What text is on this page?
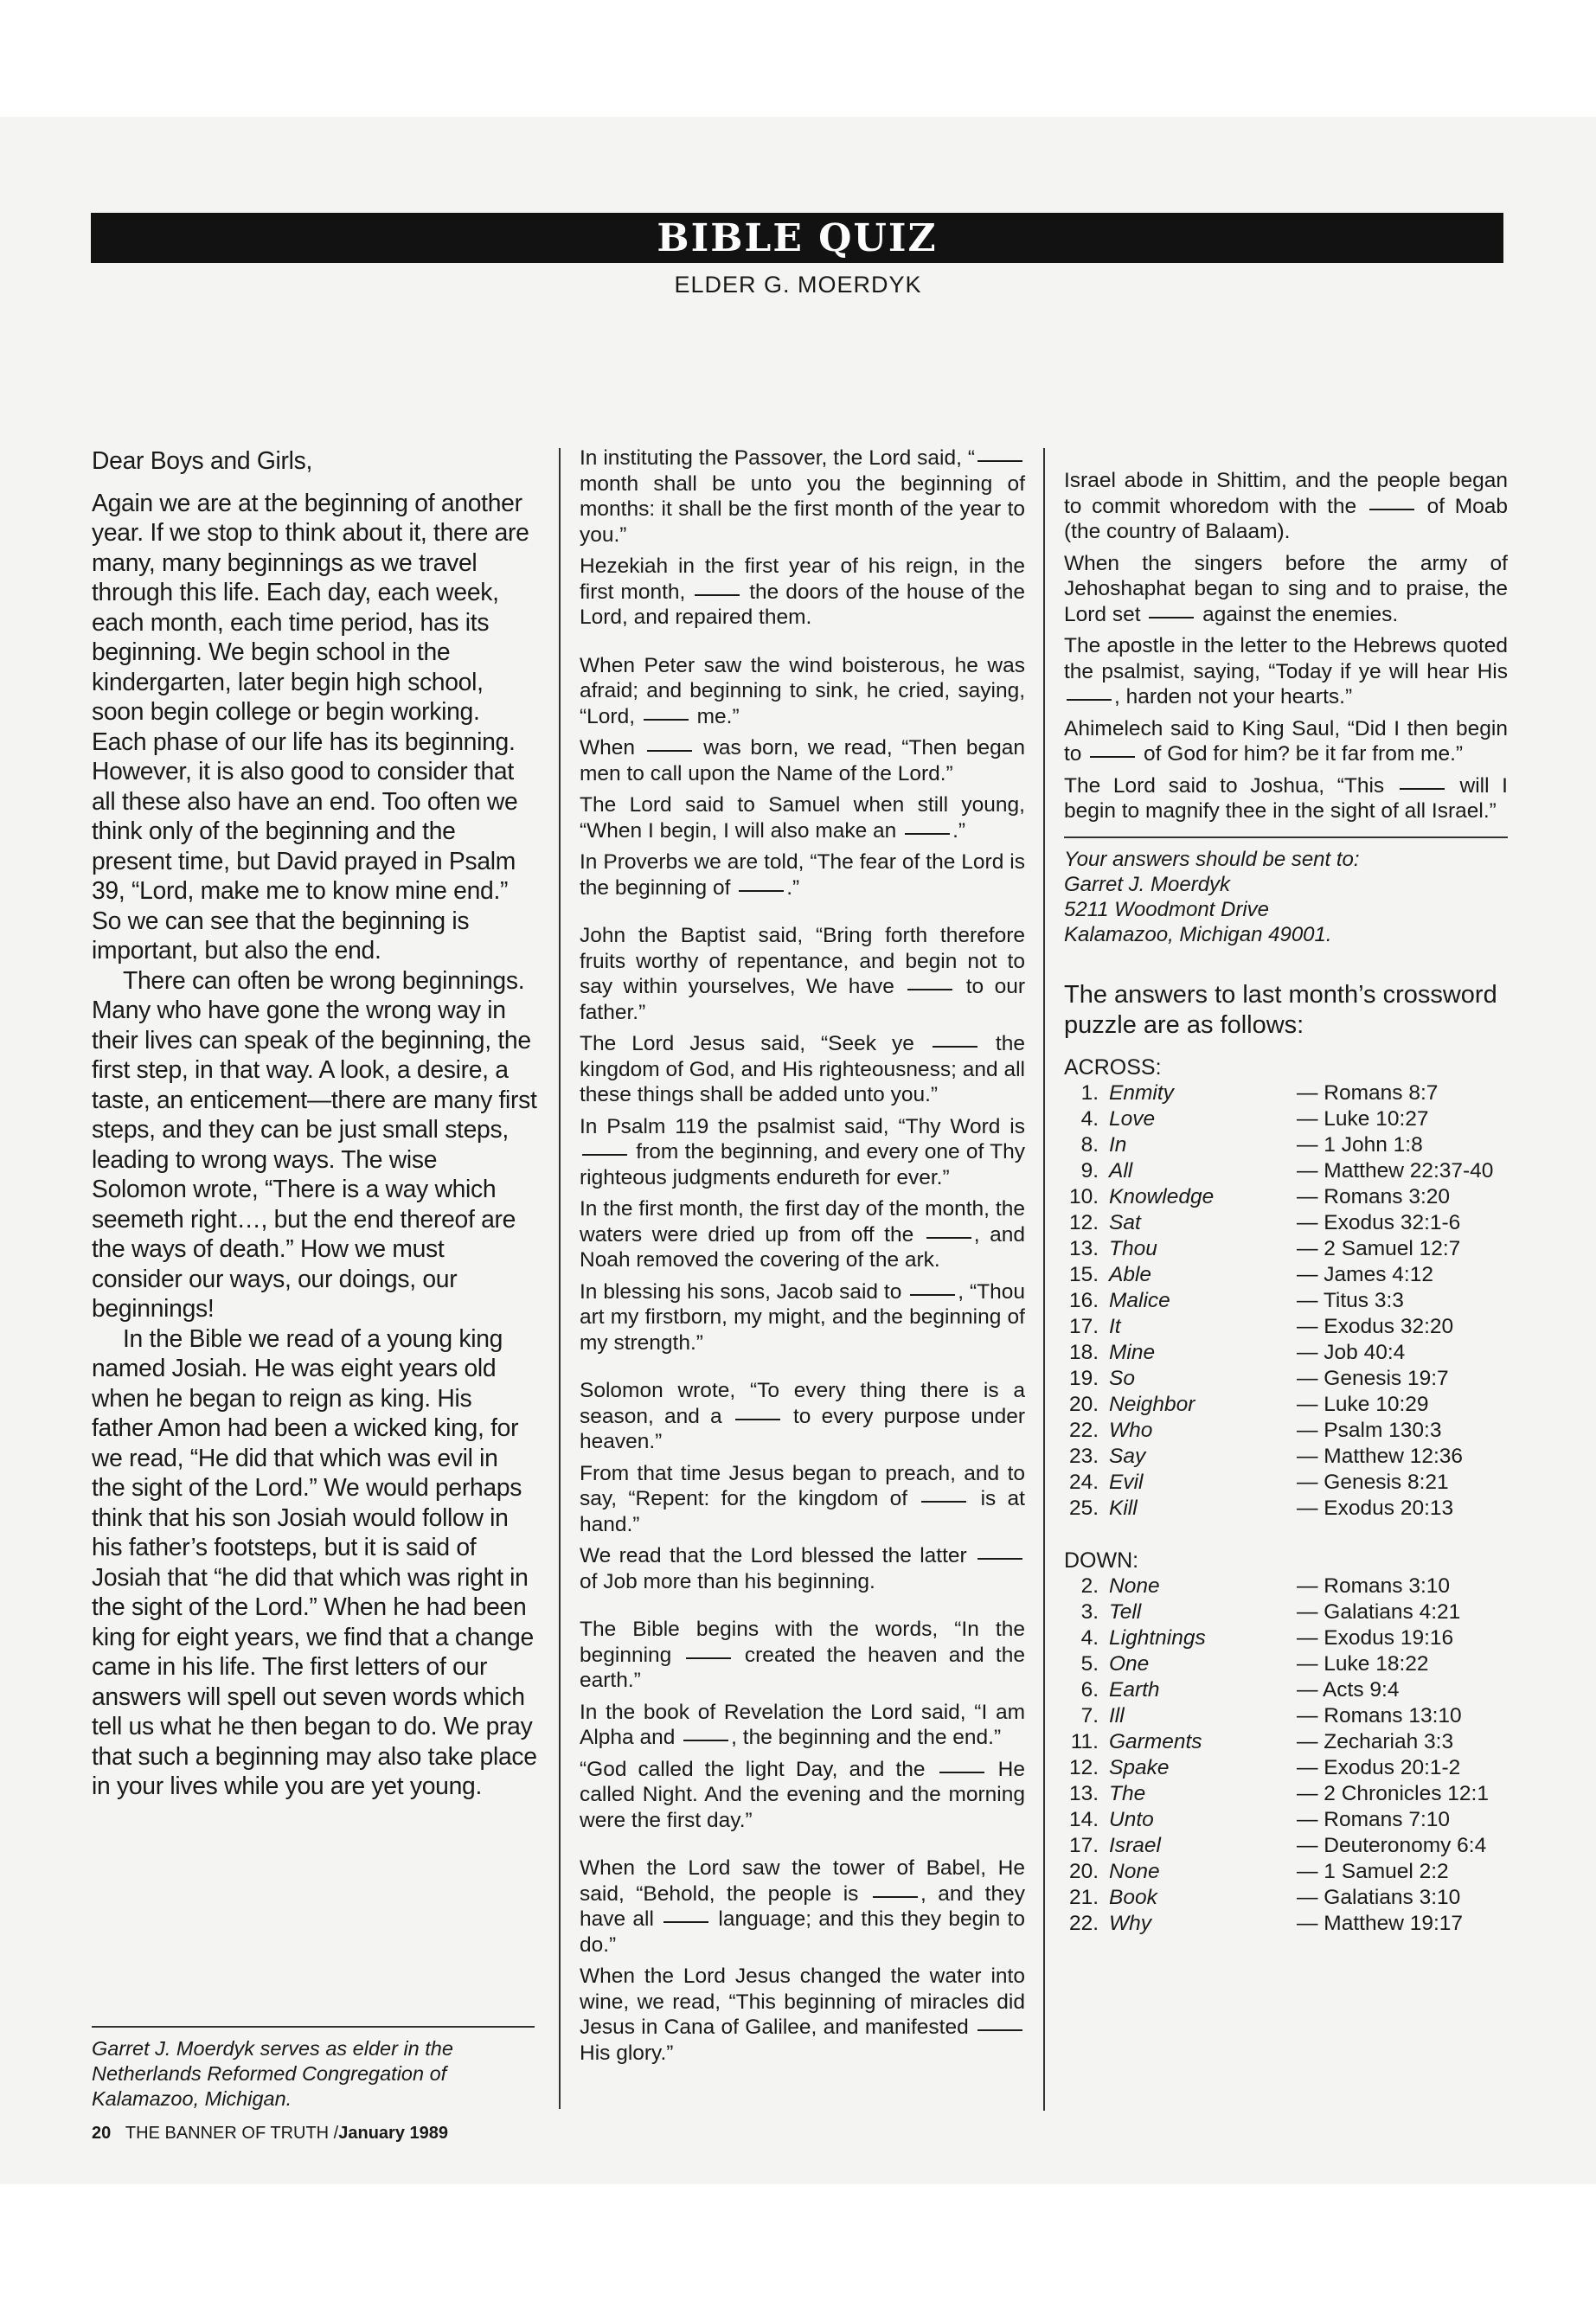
BIBLE QUIZ
ELDER G. MOERDYK

Dear Boys and Girls,

Again we are at the beginning of another year. If we stop to think about it, there are many, many beginnings as we travel through this life. Each day, each week, each month, each time period, has its beginning. We begin school in the kindergarten, later begin high school, soon begin college or begin working. Each phase of our life has its beginning. However, it is also good to consider that all these also have an end. Too often we think only of the beginning and the present time, but David prayed in Psalm 39, “Lord, make me to know mine end.” So we can see that the beginning is important, but also the end.

There can often be wrong beginnings. Many who have gone the wrong way in their lives can speak of the beginning, the first step, in that way. A look, a desire, a taste, an enticement—there are many first steps, and they can be just small steps, leading to wrong ways. The wise Solomon wrote, “There is a way which seemeth right…, but the end thereof are the ways of death.” How we must consider our ways, our doings, our beginnings!

In the Bible we read of a young king named Josiah. He was eight years old when he began to reign as king. His father Amon had been a wicked king, for we read, “He did that which was evil in the sight of the Lord.” We would perhaps think that his son Josiah would follow in his father’s footsteps, but it is said of Josiah that “he did that which was right in the sight of the Lord.” When he had been king for eight years, we find that a change came in his life. The first letters of our answers will spell out seven words which tell us what he then began to do. We pray that such a beginning may also take place in your lives while you are yet young.

Garret J. Moerdyk serves as elder in the Netherlands Reformed Congregation of Kalamazoo, Michigan.
20 THE BANNER OF TRUTH /January 1989

In instituting the Passover, the Lord said, “ month shall be unto you the beginning of months: it shall be the first month of the year to you.”

Hezekiah in the first year of his reign, in the first month,  the doors of the house of the Lord, and repaired them.

When Peter saw the wind boisterous, he was afraid; and beginning to sink, he cried, saying, “Lord,  me.”

When  was born, we read, “Then began men to call upon the Name of the Lord.”

The Lord said to Samuel when still young, “When I begin, I will also make an .”

In Proverbs we are told, “The fear of the Lord is the beginning of .”

John the Baptist said, “Bring forth therefore fruits worthy of repentance, and begin not to say within yourselves, We have  to our father.”

The Lord Jesus said, “Seek ye  the kingdom of God, and His righteousness; and all these things shall be added unto you.”

In Psalm 119 the psalmist said, “Thy Word is  from the beginning, and every one of Thy righteous judgments endureth for ever.”

In the first month, the first day of the month, the waters were dried up from off the , and Noah removed the covering of the ark.

In blessing his sons, Jacob said to , “Thou art my firstborn, my might, and the beginning of my strength.”

Solomon wrote, “To every thing there is a season, and a  to every purpose under heaven.”

From that time Jesus began to preach, and to say, “Repent: for the kingdom of  is at hand.”

We read that the Lord blessed the latter  of Job more than his beginning.

The Bible begins with the words, “In the beginning  created the heaven and the earth.”

In the book of Revelation the Lord said, “I am Alpha and , the beginning and the end.”

“God called the light Day, and the  He called Night. And the evening and the morning were the first day.”

When the Lord saw the tower of Babel, He said, “Behold, the people is , and they have all  language; and this they begin to do.”

When the Lord Jesus changed the water into wine, we read, “This beginning of miracles did Jesus in Cana of Galilee, and manifested  His glory.”

Israel abode in Shittim, and the people began to commit whoredom with the  of Moab (the country of Balaam).

When the singers before the army of Jehoshaphat began to sing and to praise, the Lord set  against the enemies.

The apostle in the letter to the Hebrews quoted the psalmist, saying, “Today if ye will hear His , harden not your hearts.”

Ahimelech said to King Saul, “Did I then begin to  of God for him? be it far from me.”

The Lord said to Joshua, “This  will I begin to magnify thee in the sight of all Israel.”

Your answers should be sent to:
Garret J. Moerdyk
5211 Woodmont Drive
Kalamazoo, Michigan 49001.
The answers to last month’s crossword puzzle are as follows:
ACROSS:
1. Enmity	— Romans 8:7
4. Love	— Luke 10:27
8. In	— 1 John 1:8
9. All	— Matthew 22:37-40
10. Knowledge	— Romans 3:20
12. Sat	— Exodus 32:1-6
13. Thou	— 2 Samuel 12:7
15. Able	— James 4:12
16. Malice	— Titus 3:3
17. It	— Exodus 32:20
18. Mine	— Job 40:4
19. So	— Genesis 19:7
20. Neighbor	— Luke 10:29
22. Who	— Psalm 130:3
23. Say	— Matthew 12:36
24. Evil	— Genesis 8:21
25. Kill	— Exodus 20:13
DOWN:
2. None	— Romans 3:10
3. Tell	— Galatians 4:21
4. Lightnings	— Exodus 19:16
5. One	— Luke 18:22
6. Earth	— Acts 9:4
7. Ill	— Romans 13:10
11. Garments	— Zechariah 3:3
12. Spake	— Exodus 20:1-2
13. The	— 2 Chronicles 12:1
14. Unto	— Romans 7:10
17. Israel	— Deuteronomy 6:4
20. None	— 1 Samuel 2:2
21. Book	— Galatians 3:10
22. Why	— Matthew 19:17
